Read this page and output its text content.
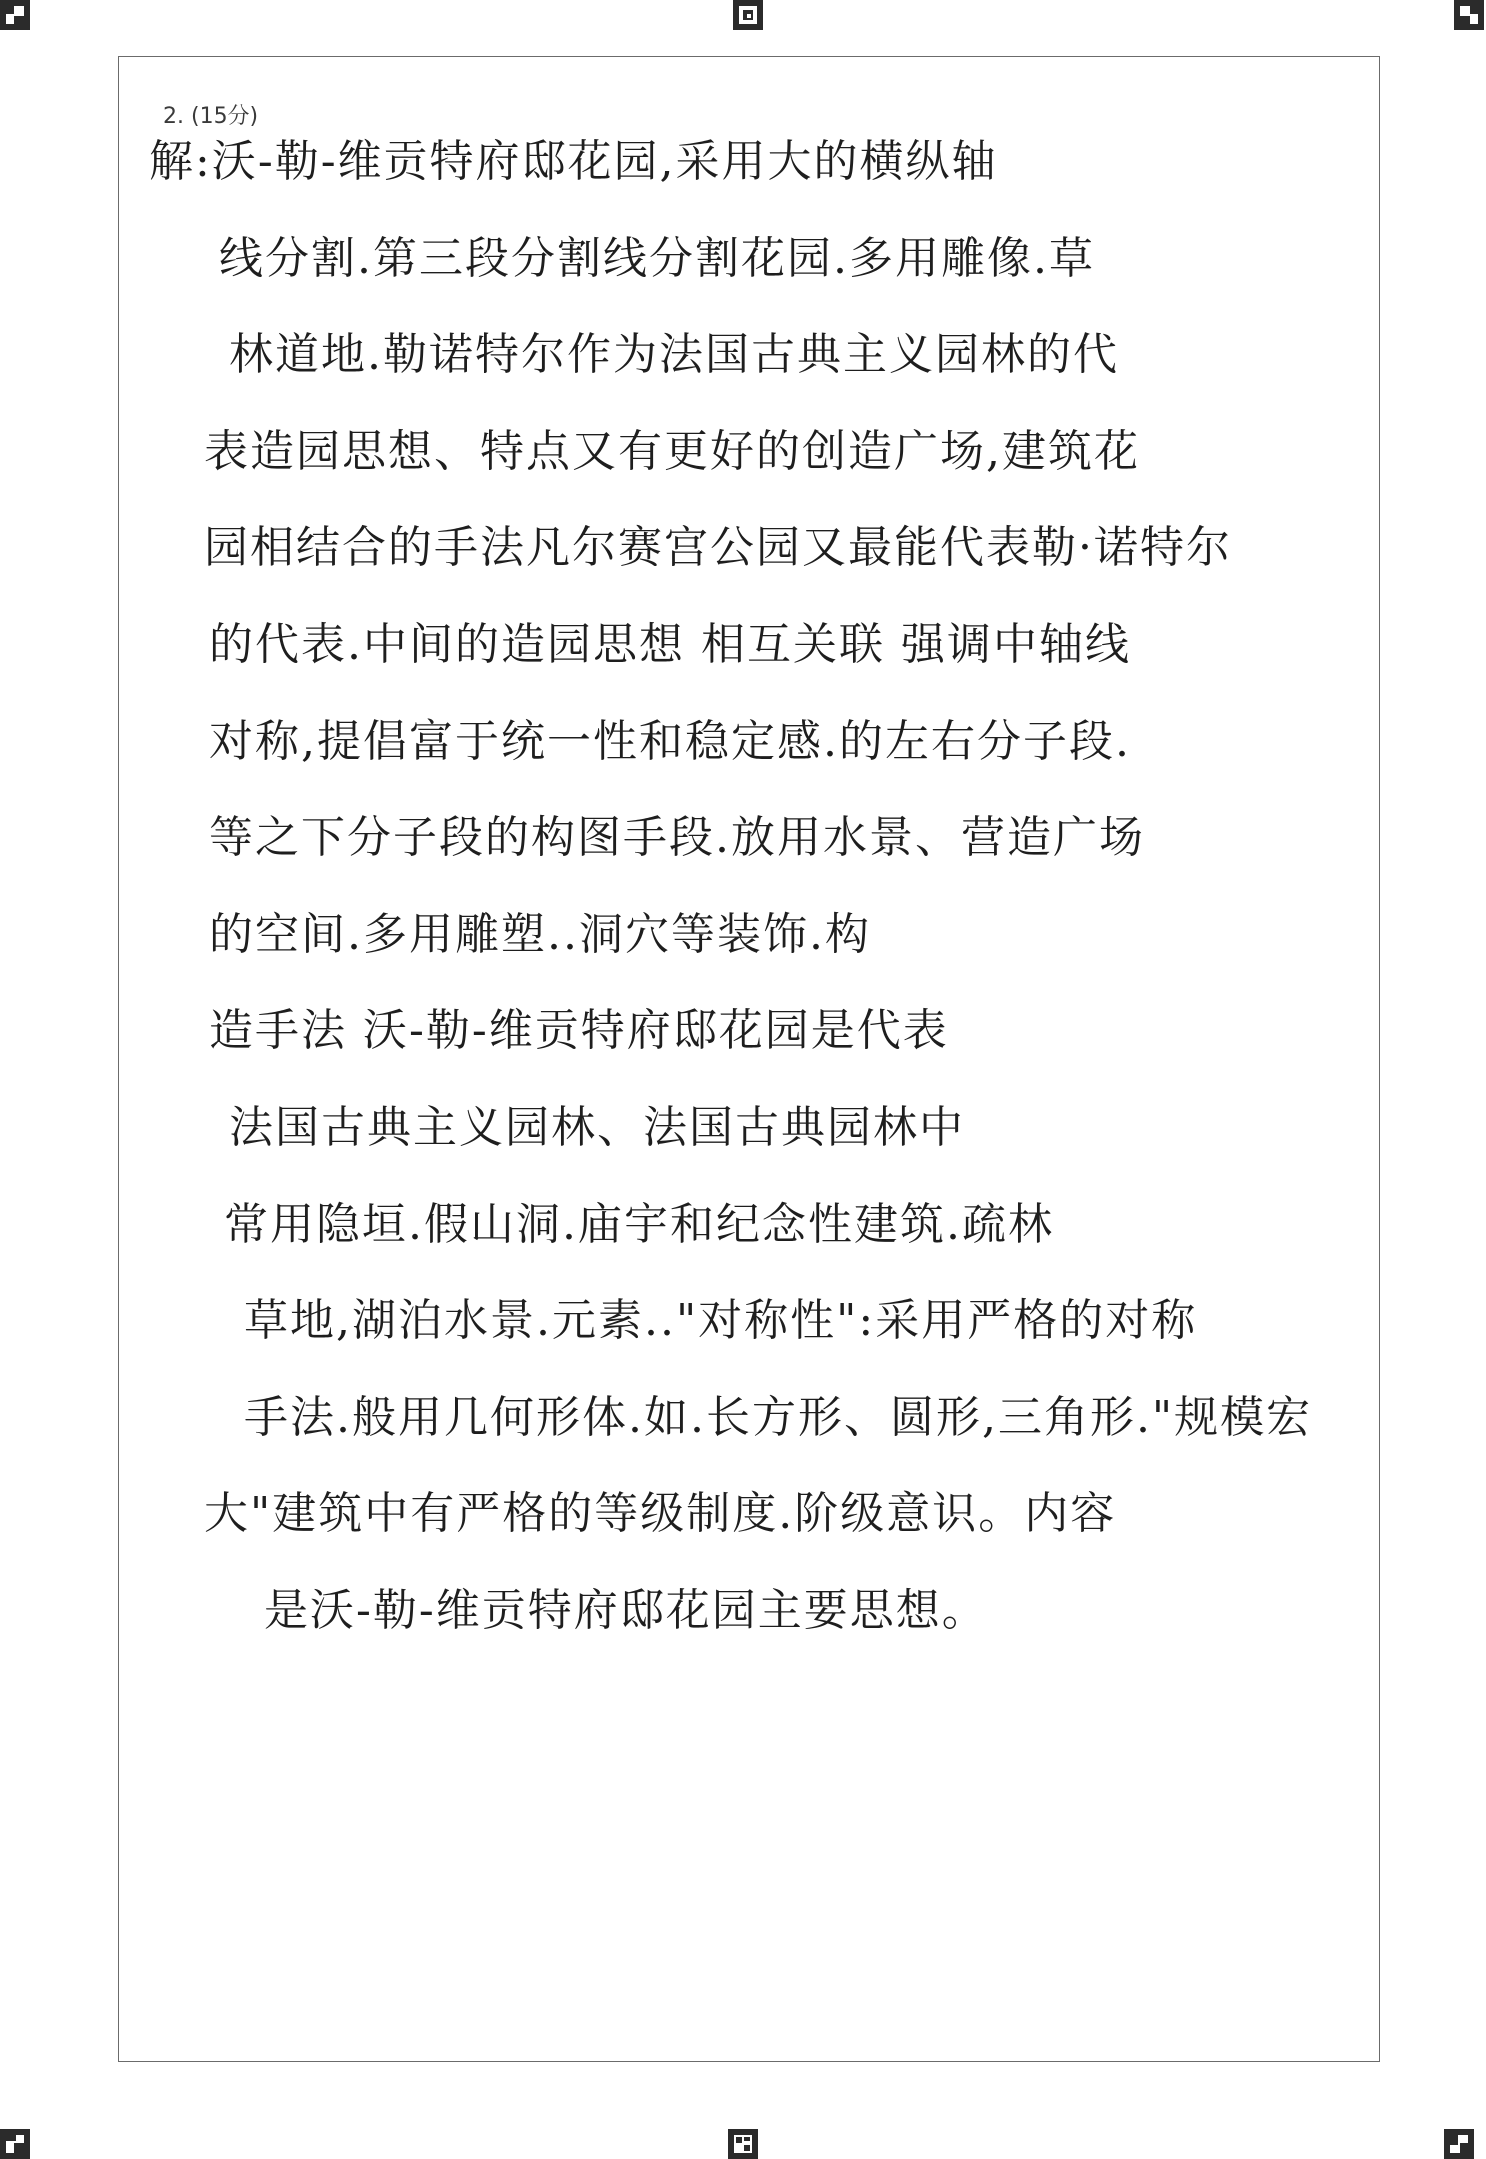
2. (15分)
解:沃-勒-维贡特府邸花园,采用大的横纵轴
线分割.第三段分割线分割花园.多用雕像.草
林道地.勒诺特尔作为法国古典主义园林的代
表造园思想、特点又有更好的创造广场,建筑花
园相结合的手法凡尔赛宫公园又最能代表勒·诺特尔
的代表.中间的造园思想 相互关联 强调中轴线
对称,提倡富于统一性和稳定感.的左右分子段.
等之下分子段的构图手段.放用水景、营造广场
的空间.多用雕塑..洞穴等装饰.构
造手法 沃-勒-维贡特府邸花园是代表
法国古典主义园林、法国古典园林中
常用隐垣.假山洞.庙宇和纪念性建筑.疏林
草地,湖泊水景.元素.."对称性":采用严格的对称
手法.般用几何形体.如.长方形、圆形,三角形."规模宏
大"建筑中有严格的等级制度.阶级意识。内容
是沃-勒-维贡特府邸花园主要思想。
